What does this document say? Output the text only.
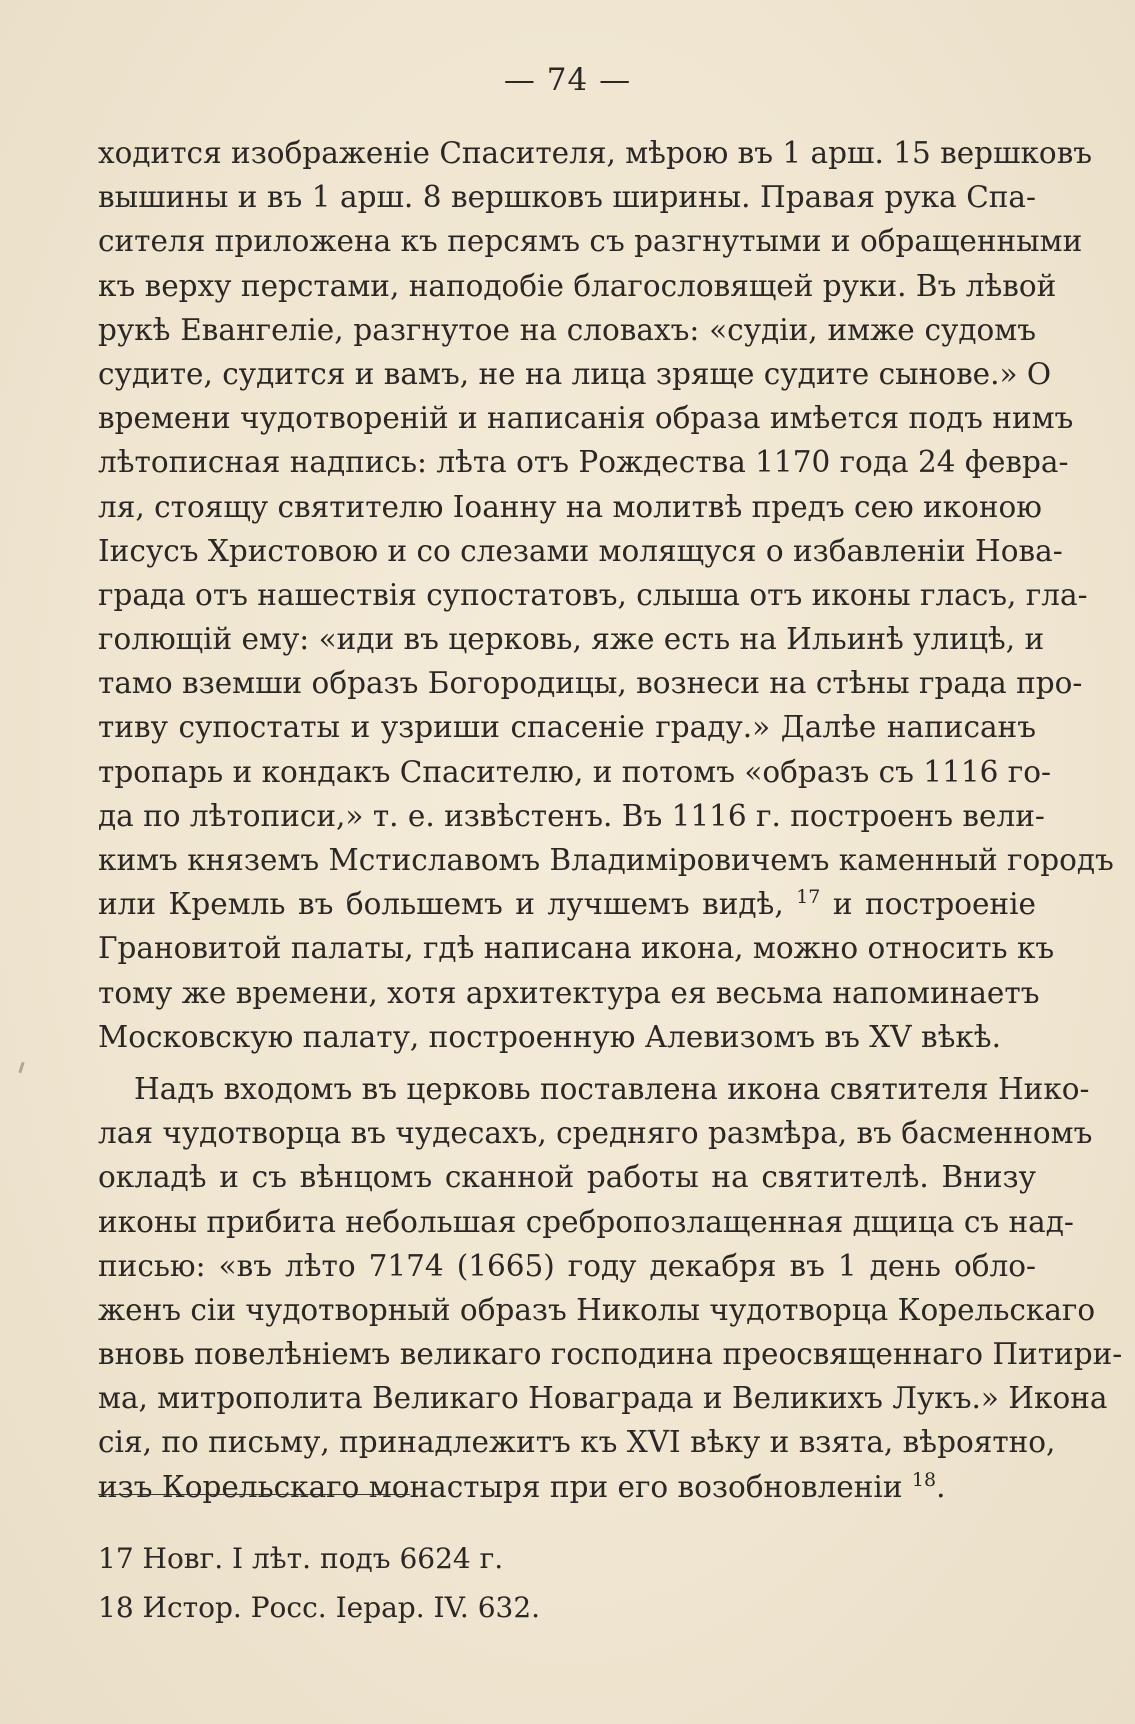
— 74 —
ходится изображеніе Спасителя, мѣрою въ 1 арш. 15 вершковъ
вышины и въ 1 арш. 8 вершковъ ширины. Правая рука Спа-
сителя приложена къ персямъ съ разгнутыми и обращенными
къ верху перстами, наподобіе благословящей руки. Въ лѣвой
рукѣ Евангеліе, разгнутое на словахъ: «судіи, имже судомъ
судите, судится и вамъ, не на лица зряще судите сынове.» О
времени чудотвореній и написанія образа имѣется подъ нимъ
лѣтописная надпись: лѣта отъ Рождества 1170 года 24 февра-
ля, стоящу святителю Іоанну на молитвѣ предъ сею иконою
Іисусъ Христовою и со слезами молящуся о избавленіи Нова-
града отъ нашествія супостатовъ, слыша отъ иконы гласъ, гла-
голющій ему: «иди въ церковь, яже есть на Ильинѣ улицѣ, и
тамо вземши образъ Богородицы, вознеси на стѣны града про-
тиву супостаты и узриши спасеніе граду.» Далѣе написанъ
тропарь и кондакъ Спасителю, и потомъ «образъ съ 1116 го-
да по лѣтописи,» т. е. извѣстенъ. Въ 1116 г. построенъ вели-
кимъ княземъ Мстиславомъ Владиміровичемъ каменный городъ
или Кремль въ большемъ и лучшемъ видѣ, $^{17}$ и построеніе
Грановитой палаты, гдѣ написана икона, можно относить къ
тому же времени, хотя архитектура ея весьма напоминаетъ
Московскую палату, построенную Алевизомъ въ XV вѣкѣ.
Надъ входомъ въ церковь поставлена икона святителя Нико-
лая чудотворца въ чудесахъ, средняго размѣра, въ басменномъ
окладѣ и съ вѣнцомъ сканной работы на святителѣ. Внизу
иконы прибита небольшая сребропозлащенная дщица съ над-
писью: «въ лѣто 7174 (1665) году декабря въ 1 день обло-
женъ сіи чудотворный образъ Николы чудотворца Корельскаго
вновь повелѣніемъ великаго господина преосвященнаго Питири-
ма, митрополита Великаго Новаграда и Великихъ Лукъ.» Икона
сія, по письму, принадлежитъ къ XVI вѣку и взята, вѣроятно,
изъ Корельскаго монастыря при его возобновленіи $^{18}$.
17 Новг. I лѣт. подъ 6624 г.
18 Истор. Росс. Іерар. IV. 632.
